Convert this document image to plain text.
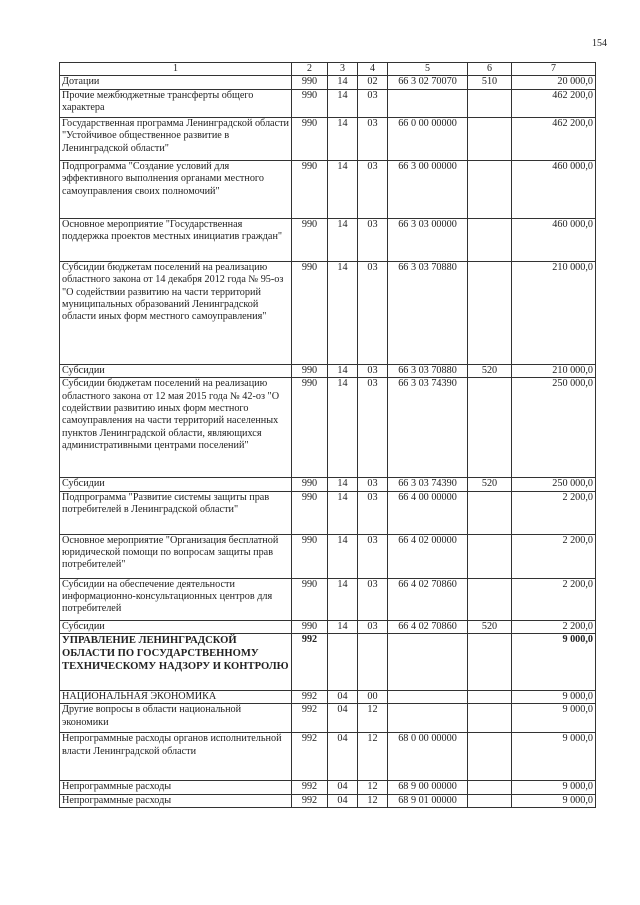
154
1	2	3	4	5	6	7
Дотации	990	14	02	66 3 02 70070	510	20 000,0
Прочие межбюджетные трансферты общего характера	990	14	03			462 200,0
Государственная программа Ленинградской области "Устойчивое общественное развитие в Ленинградской области"	990	14	03	66 0 00 00000		462 200,0
Подпрограмма "Создание условий для эффективного выполнения органами местного самоуправления своих полномочий"	990	14	03	66 3 00 00000		460 000,0
Основное мероприятие "Государственная поддержка проектов местных инициатив граждан"	990	14	03	66 3 03 00000		460 000,0
Субсидии бюджетам поселений на реализацию областного закона от 14 декабря 2012 года № 95-оз "О содействии развитию на части территорий муниципальных образований Ленинградской области иных форм местного самоуправления"	990	14	03	66 3 03 70880		210 000,0
Субсидии	990	14	03	66 3 03 70880	520	210 000,0
Субсидии бюджетам поселений на реализацию областного закона от 12 мая 2015 года № 42-оз "О содействии развитию иных форм местного самоуправления на части территорий населенных пунктов Ленинградской области, являющихся административными центрами поселений"	990	14	03	66 3 03 74390		250 000,0
Субсидии	990	14	03	66 3 03 74390	520	250 000,0
Подпрограмма "Развитие системы защиты прав потребителей в Ленинградской области"	990	14	03	66 4 00 00000		2 200,0
Основное мероприятие "Организация бесплатной юридической помощи по вопросам защиты прав потребителей"	990	14	03	66 4 02 00000		2 200,0
Субсидии на обеспечение деятельности информационно-консультационных центров для потребителей	990	14	03	66 4 02 70860		2 200,0
Субсидии	990	14	03	66 4 02 70860	520	2 200,0
УПРАВЛЕНИЕ ЛЕНИНГРАДСКОЙ ОБЛАСТИ ПО ГОСУДАРСТВЕННОМУ ТЕХНИЧЕСКОМУ НАДЗОРУ И КОНТРОЛЮ	992					9 000,0
НАЦИОНАЛЬНАЯ ЭКОНОМИКА	992	04	00			9 000,0
Другие вопросы в области национальной экономики	992	04	12			9 000,0
Непрограммные расходы органов исполнительной власти Ленинградской области	992	04	12	68 0 00 00000		9 000,0
Непрограммные расходы	992	04	12	68 9 00 00000		9 000,0
Непрограммные расходы	992	04	12	68 9 01 00000		9 000,0
